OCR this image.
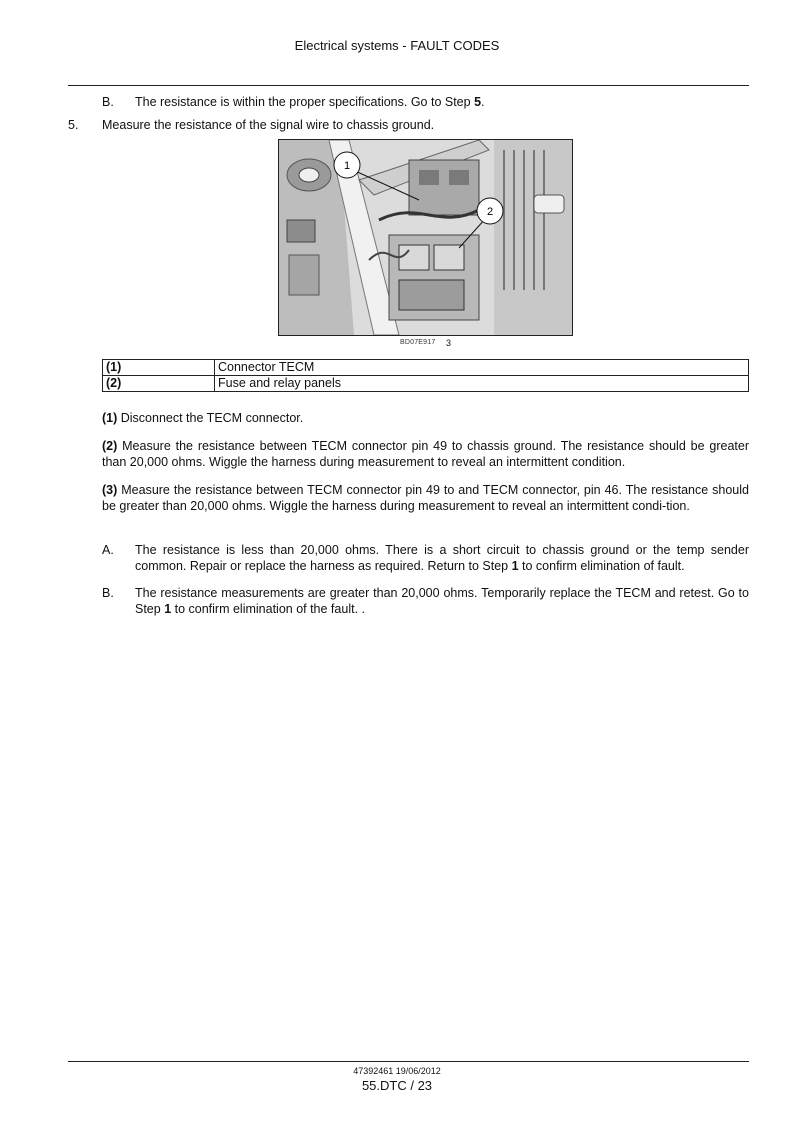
Electrical systems - FAULT CODES
B. The resistance is within the proper specifications. Go to Step 5.
5. Measure the resistance of the signal wire to chassis ground.
1
2
BD07E917 3
(1)	Connector TECM
(2)	Fuse and relay panels
(1) Disconnect the TECM connector.
(2) Measure the resistance between TECM connector pin 49 to chassis ground. The resistance should be greater than 20,000 ohms. Wiggle the harness during measurement to reveal an intermittent condition.
(3) Measure the resistance between TECM connector pin 49 to and TECM connector, pin 46. The resistance should be greater than 20,000 ohms. Wiggle the harness during measurement to reveal an intermittent condi-tion.
A. The resistance is less than 20,000 ohms. There is a short circuit to chassis ground or the temp sender common. Repair or replace the harness as required. Return to Step 1 to confirm elimination of fault.
B. The resistance measurements are greater than 20,000 ohms. Temporarily replace the TECM and retest. Go to Step 1 to confirm elimination of the fault. .
47392461 19/06/2012
55.DTC / 23
